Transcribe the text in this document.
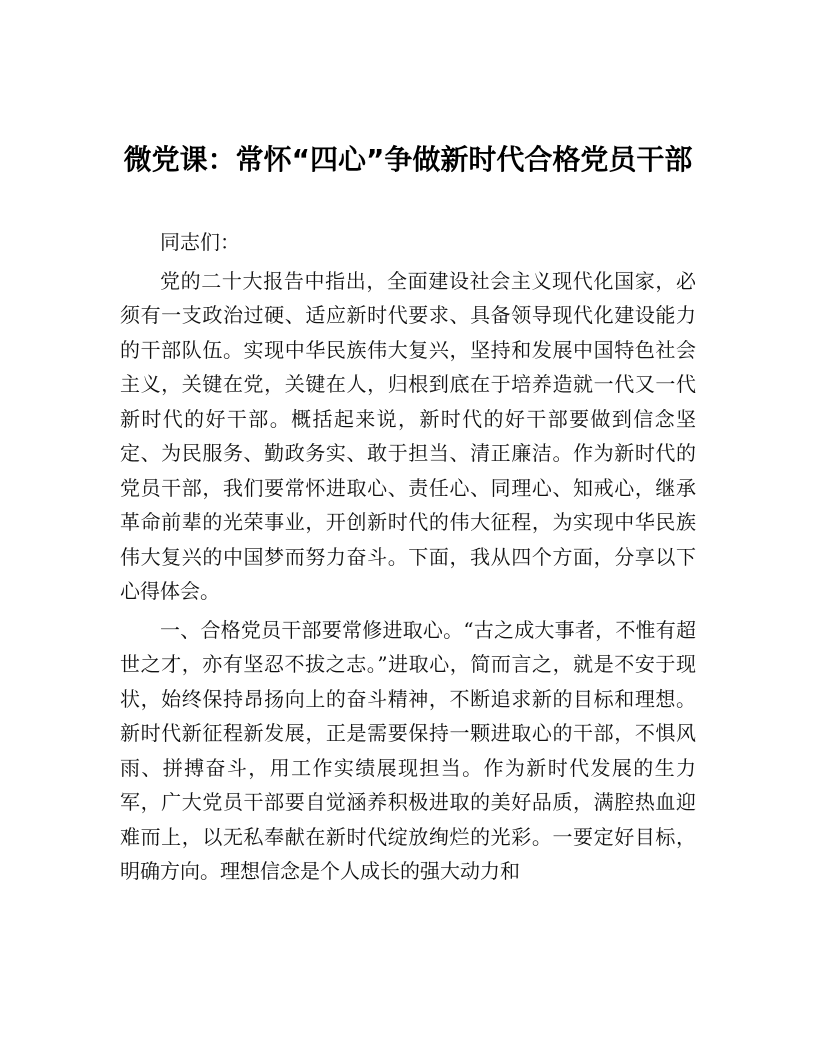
微党课：常怀“四心”争做新时代合格党员干部

同志们：

党的二十大报告中指出，全面建设社会主义现代化国家，必须有一支政治过硬、适应新时代要求、具备领导现代化建设能力的干部队伍。实现中华民族伟大复兴，坚持和发展中国特色社会主义，关键在党，关键在人，归根到底在于培养造就一代又一代新时代的好干部。概括起来说，新时代的好干部要做到信念坚定、为民服务、勤政务实、敢于担当、清正廉洁。作为新时代的党员干部，我们要常怀进取心、责任心、同理心、知戒心，继承革命前辈的光荣事业，开创新时代的伟大征程，为实现中华民族伟大复兴的中国梦而努力奋斗。下面，我从四个方面，分享以下心得体会。

一、合格党员干部要常修进取心。“古之成大事者，不惟有超世之才，亦有坚忍不拔之志。”进取心，简而言之，就是不安于现状，始终保持昂扬向上的奋斗精神，不断追求新的目标和理想。新时代新征程新发展，正是需要保持一颗进取心的干部，不惧风雨、拼搏奋斗，用工作实绩展现担当。作为新时代发展的生力军，广大党员干部要自觉涵养积极进取的美好品质，满腔热血迎难而上，以无私奉献在新时代绽放绚烂的光彩。一要定好目标，明确方向。理想信念是个人成长的强大动力和
